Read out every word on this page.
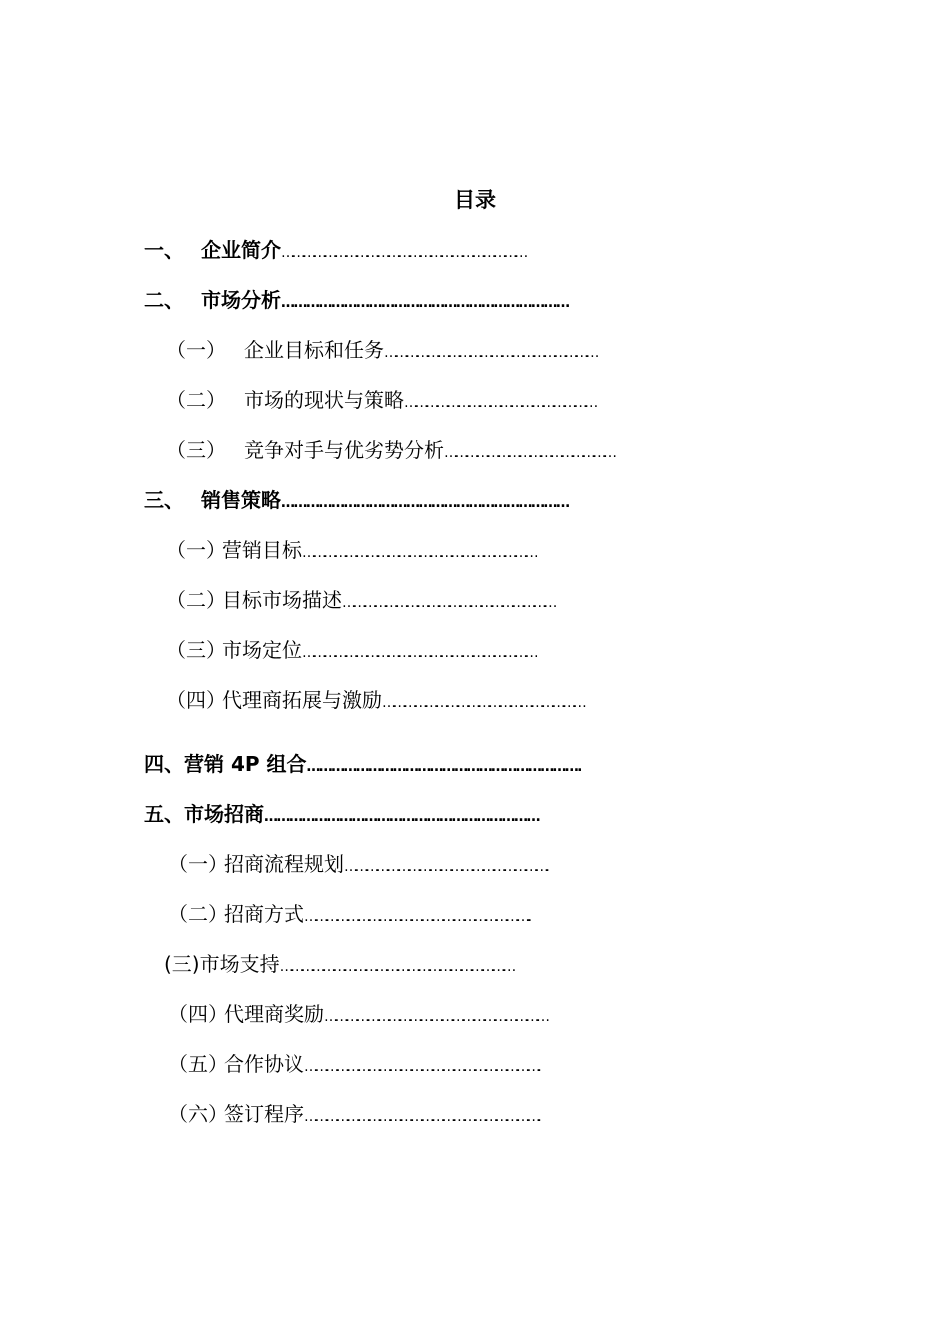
目录
一、 企业简介……………………………………………………………
二、 市场分析……………………………………………………………
（一） 企业目标和任务……………………………………………………
（二） 市场的现状与策略………………………………………………
（三） 竞争对手与优劣势分析…………………………………………
三、 销售策略……………………………………………………………
（一）营销目标…………………………………………………………
（二）目标市场描述……………………………………………………
（三）市场定位…………………………………………………………
（四）代理商拓展与激励…………………………………………………
四、营销 4P 组合………………………………………………………….
五、市场招商…………………………………………………………
（一）招商流程规划………………………………………………….
（二）招商方式………………………………………………………..
(三)市场支持…………………………………………………………
（四）代理商奖励………………………………………………………
（五）合作协议………………………………………………………….
（六）签订程序………………………………………………………….
